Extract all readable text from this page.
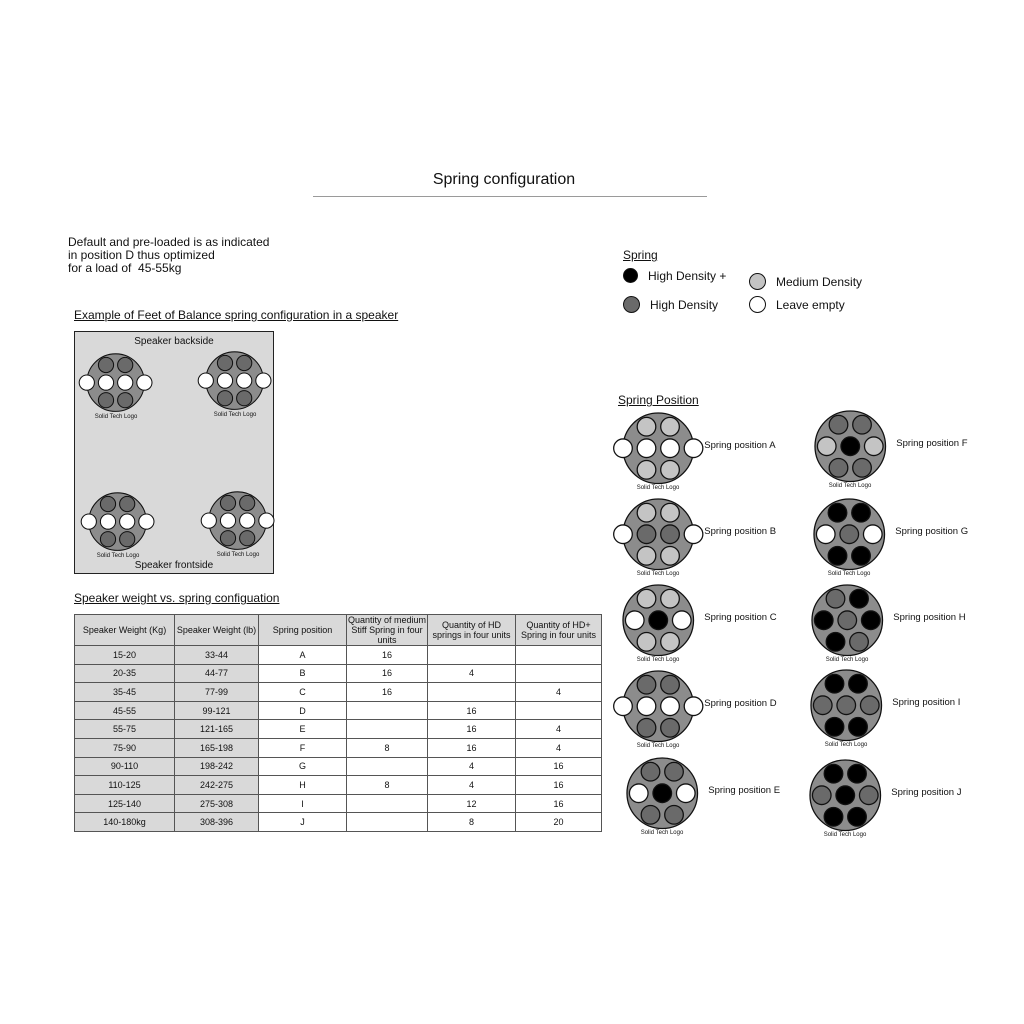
Spring configuration
Default and pre-loaded is as indicated
in position D thus optimized
for a load of  45-55kg
Spring
High Density +	Medium Density
High Density	Leave empty
Example of Feet of Balance spring configuration in a speaker
Speaker backside
Speaker frontside
Spring Position
Solid Tech Logo
Spring position A
Solid Tech Logo
Spring position F
Solid Tech Logo
Spring position B
Solid Tech Logo
Spring position G
Solid Tech Logo
Spring position C
Solid Tech Logo
Spring position H
Solid Tech Logo
Spring position D
Solid Tech Logo
Spring position I
Solid Tech Logo
Spring position E
Solid Tech Logo
Spring position J
Solid Tech Logo	Solid Tech Logo
Solid Tech Logo	Solid Tech Logo
Speaker weight vs. spring configuation
Speaker Weight (Kg)	Speaker Weight (lb)	Spring position	Quantity of medium Stiff Spring in four units	Quantity of HD springs in four units	Quantity of HD+ Spring in four units
15-20	33-44	A	16		
20-35	44-77	B	16	4	
35-45	77-99	C	16		4
45-55	99-121	D		16	
55-75	121-165	E		16	4
75-90	165-198	F	8	16	4
90-110	198-242	G		4	16
110-125	242-275	H	8	4	16
125-140	275-308	I		12	16
140-180kg	308-396	J		8	20
